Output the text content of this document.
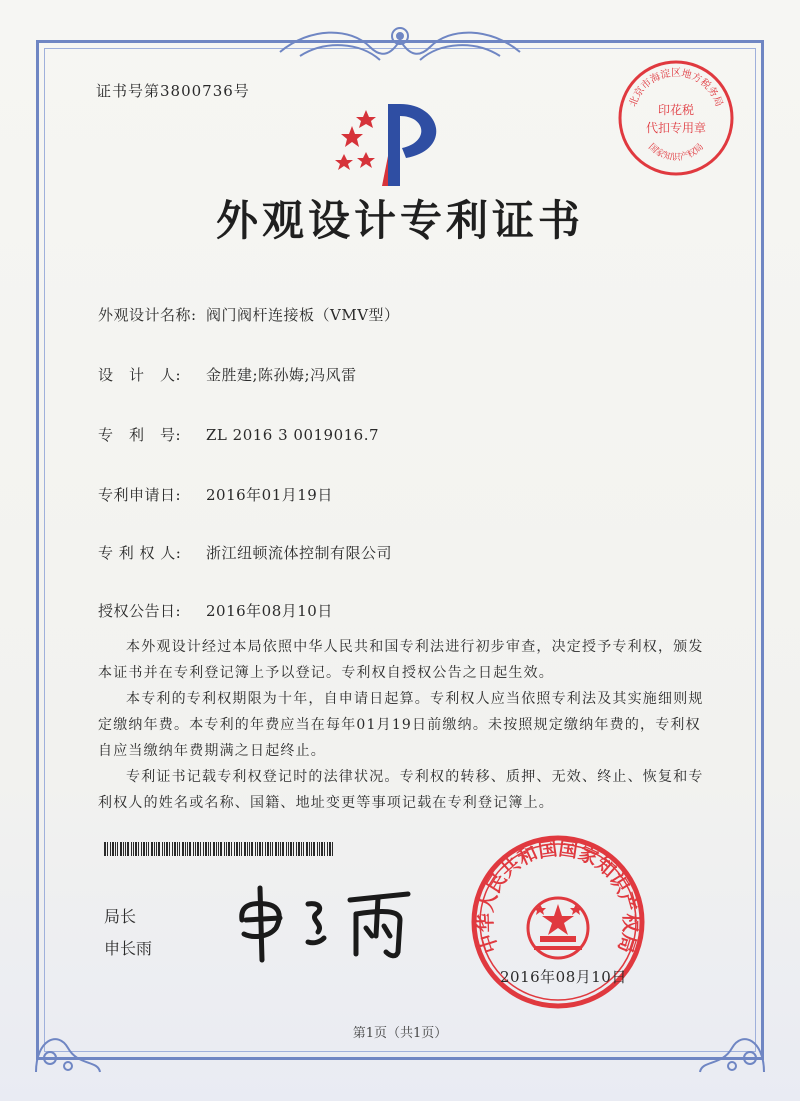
北京市海淀区地方税务局
印花税
代扣专用章
国家知识产权局
证书号第3800736号
外观设计专利证书
外观设计名称: 阀门阀杆连接板（VMV型）
设　计　人: 金胜建;陈孙娒;冯风雷
专　利　号: ZL 2016 3 0019016.7
专利申请日: 2016年01月19日
专 利 权 人: 浙江纽顿流体控制有限公司
授权公告日: 2016年08月10日

本外观设计经过本局依照中华人民共和国专利法进行初步审查，决定授予专利权，颁发本证书并在专利登记簿上予以登记。专利权自授权公告之日起生效。

本专利的专利权期限为十年，自申请日起算。专利权人应当依照专利法及其实施细则规定缴纳年费。本专利的年费应当在每年01月19日前缴纳。未按照规定缴纳年费的，专利权自应当缴纳年费期满之日起终止。

专利证书记载专利权登记时的法律状况。专利权的转移、质押、无效、终止、恢复和专利权人的姓名或名称、国籍、地址变更等事项记载在专利登记簿上。

局长
申长雨	中华人民共和国国家知识产权局
2016年08月10日
第1页（共1页）
